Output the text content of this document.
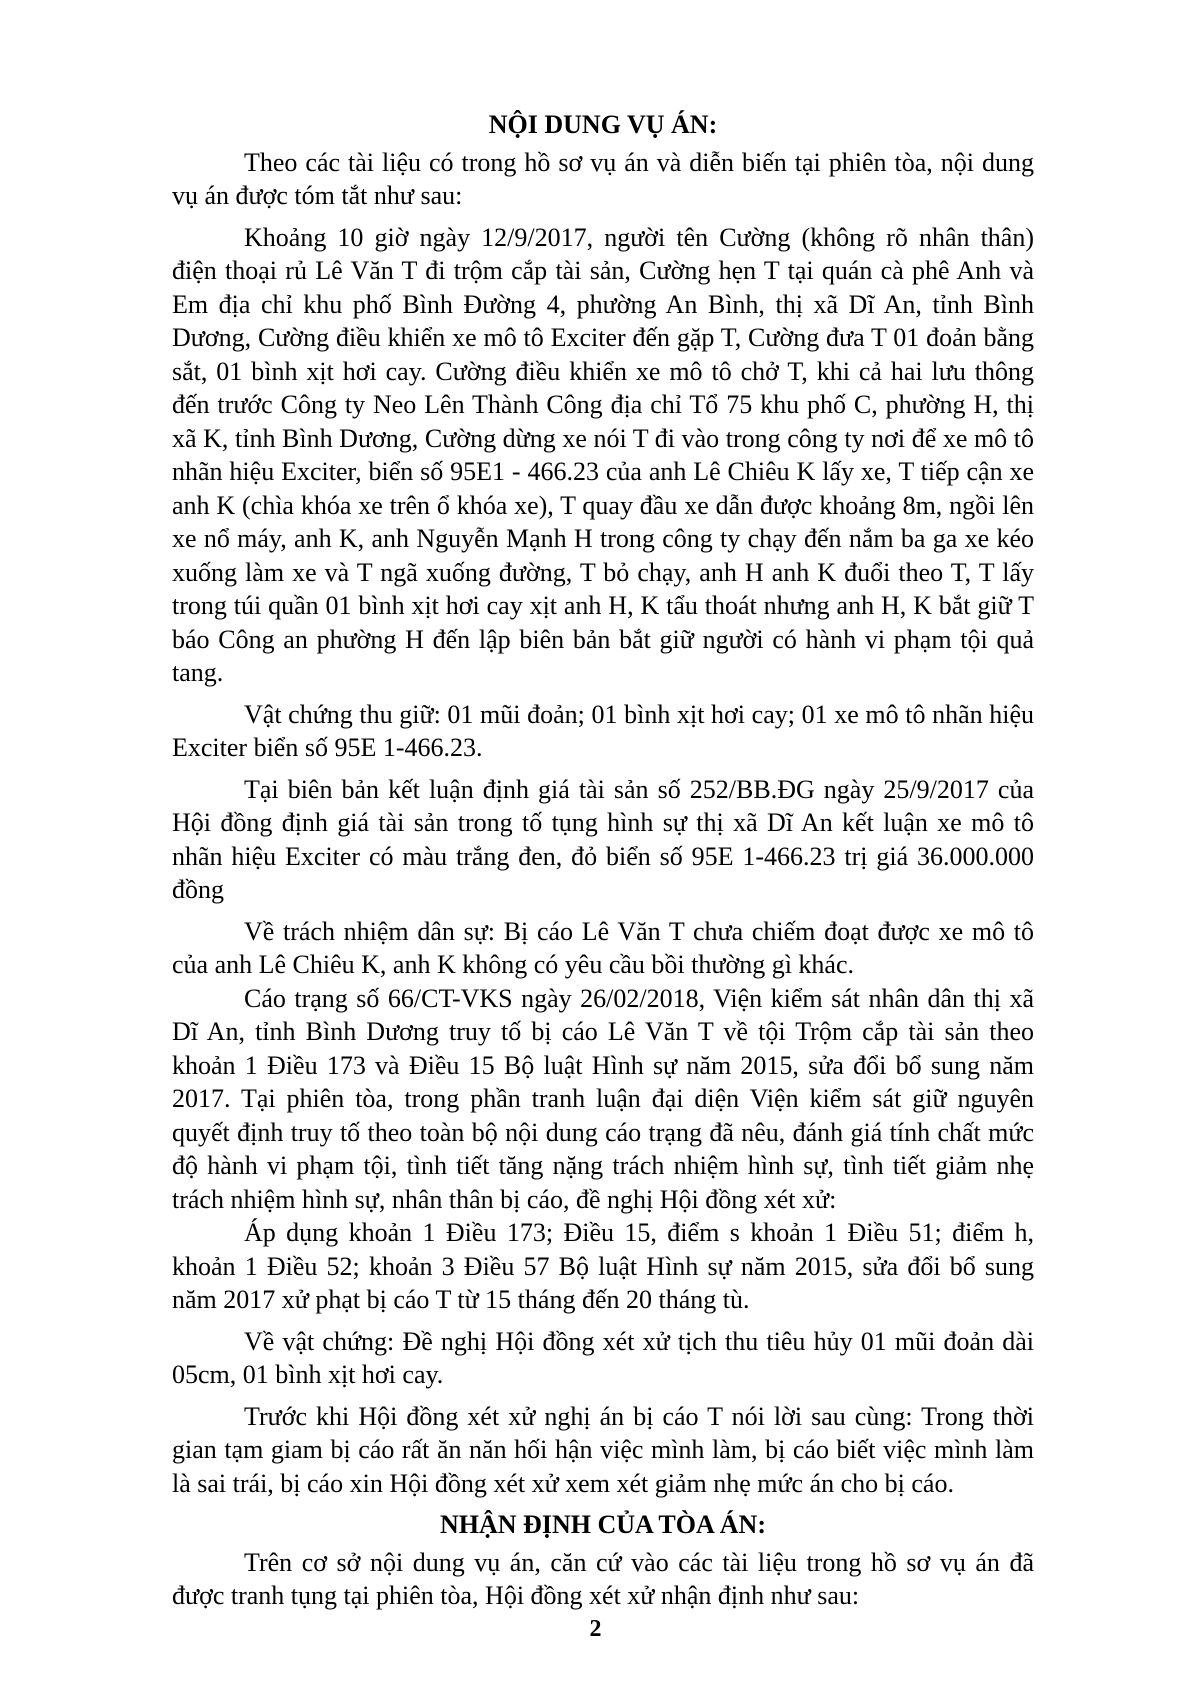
NỘI DUNG VỤ ÁN:

Theo các tài liệu có trong hồ sơ vụ án và diễn biến tại phiên tòa, nội dung vụ án được tóm tắt như sau:

Khoảng 10 giờ ngày 12/9/2017, người tên Cường (không rõ nhân thân) điện thoại rủ Lê Văn T đi trộm cắp tài sản, Cường hẹn T tại quán cà phê Anh và Em địa chỉ khu phố Bình Đường 4, phường An Bình, thị xã Dĩ An, tỉnh Bình Dương, Cường điều khiển xe mô tô Exciter đến gặp T, Cường đưa T 01 đoản bằng sắt, 01 bình xịt hơi cay. Cường điều khiển xe mô tô chở T, khi cả hai lưu thông đến trước Công ty Neo Lên Thành Công địa chỉ Tổ 75 khu phố C, phường H, thị xã K, tỉnh Bình Dương, Cường dừng xe nói T đi vào trong công ty nơi để xe mô tô nhãn hiệu Exciter, biển số 95E1 - 466.23 của anh Lê Chiêu K lấy xe, T tiếp cận xe anh K (chìa khóa xe trên ổ khóa xe), T quay đầu xe dẫn được khoảng 8m, ngồi lên xe nổ máy, anh K, anh Nguyễn Mạnh H trong công ty chạy đến nắm ba ga xe kéo xuống làm xe và T ngã xuống đường, T bỏ chạy, anh H anh K đuổi theo T, T lấy trong túi quần 01 bình xịt hơi cay xịt anh H, K tẩu thoát nhưng anh H, K bắt giữ T báo Công an phường H đến lập biên bản bắt giữ người có hành vi phạm tội quả tang.

Vật chứng thu giữ: 01 mũi đoản; 01 bình xịt hơi cay; 01 xe mô tô nhãn hiệu Exciter biển số 95E 1-466.23.

Tại biên bản kết luận định giá tài sản số 252/BB.ĐG ngày 25/9/2017 của Hội đồng định giá tài sản trong tố tụng hình sự thị xã Dĩ An kết luận xe mô tô nhãn hiệu Exciter có màu trắng đen, đỏ biển số 95E 1-466.23 trị giá 36.000.000 đồng

Về trách nhiệm dân sự: Bị cáo Lê Văn T chưa chiếm đoạt được xe mô tô của anh Lê Chiêu K, anh K không có yêu cầu bồi thường gì khác.

Cáo trạng số 66/CT-VKS ngày 26/02/2018, Viện kiểm sát nhân dân thị xã Dĩ An, tỉnh Bình Dương truy tố bị cáo Lê Văn T về tội Trộm cắp tài sản theo khoản 1 Điều 173 và Điều 15 Bộ luật Hình sự năm 2015, sửa đổi bổ sung năm 2017. Tại phiên tòa, trong phần tranh luận đại diện Viện kiểm sát giữ nguyên quyết định truy tố theo toàn bộ nội dung cáo trạng đã nêu, đánh giá tính chất mức độ hành vi phạm tội, tình tiết tăng nặng trách nhiệm hình sự, tình tiết giảm nhẹ trách nhiệm hình sự, nhân thân bị cáo, đề nghị Hội đồng xét xử:

Áp dụng khoản 1 Điều 173; Điều 15, điểm s khoản 1 Điều 51; điểm h, khoản 1 Điều 52; khoản 3 Điều 57 Bộ luật Hình sự năm 2015, sửa đổi bổ sung năm 2017 xử phạt bị cáo T từ 15 tháng đến 20 tháng tù.

Về vật chứng: Đề nghị Hội đồng xét xử tịch thu tiêu hủy 01 mũi đoản dài 05cm, 01 bình xịt hơi cay.

Trước khi Hội đồng xét xử nghị án bị cáo T nói lời sau cùng: Trong thời gian tạm giam bị cáo rất ăn năn hối hận việc mình làm, bị cáo biết việc mình làm là sai trái, bị cáo xin Hội đồng xét xử xem xét giảm nhẹ mức án cho bị cáo.

NHẬN ĐỊNH CỦA TÒA ÁN:

Trên cơ sở nội dung vụ án, căn cứ vào các tài liệu trong hồ sơ vụ án đã được tranh tụng tại phiên tòa, Hội đồng xét xử nhận định như sau:

2
